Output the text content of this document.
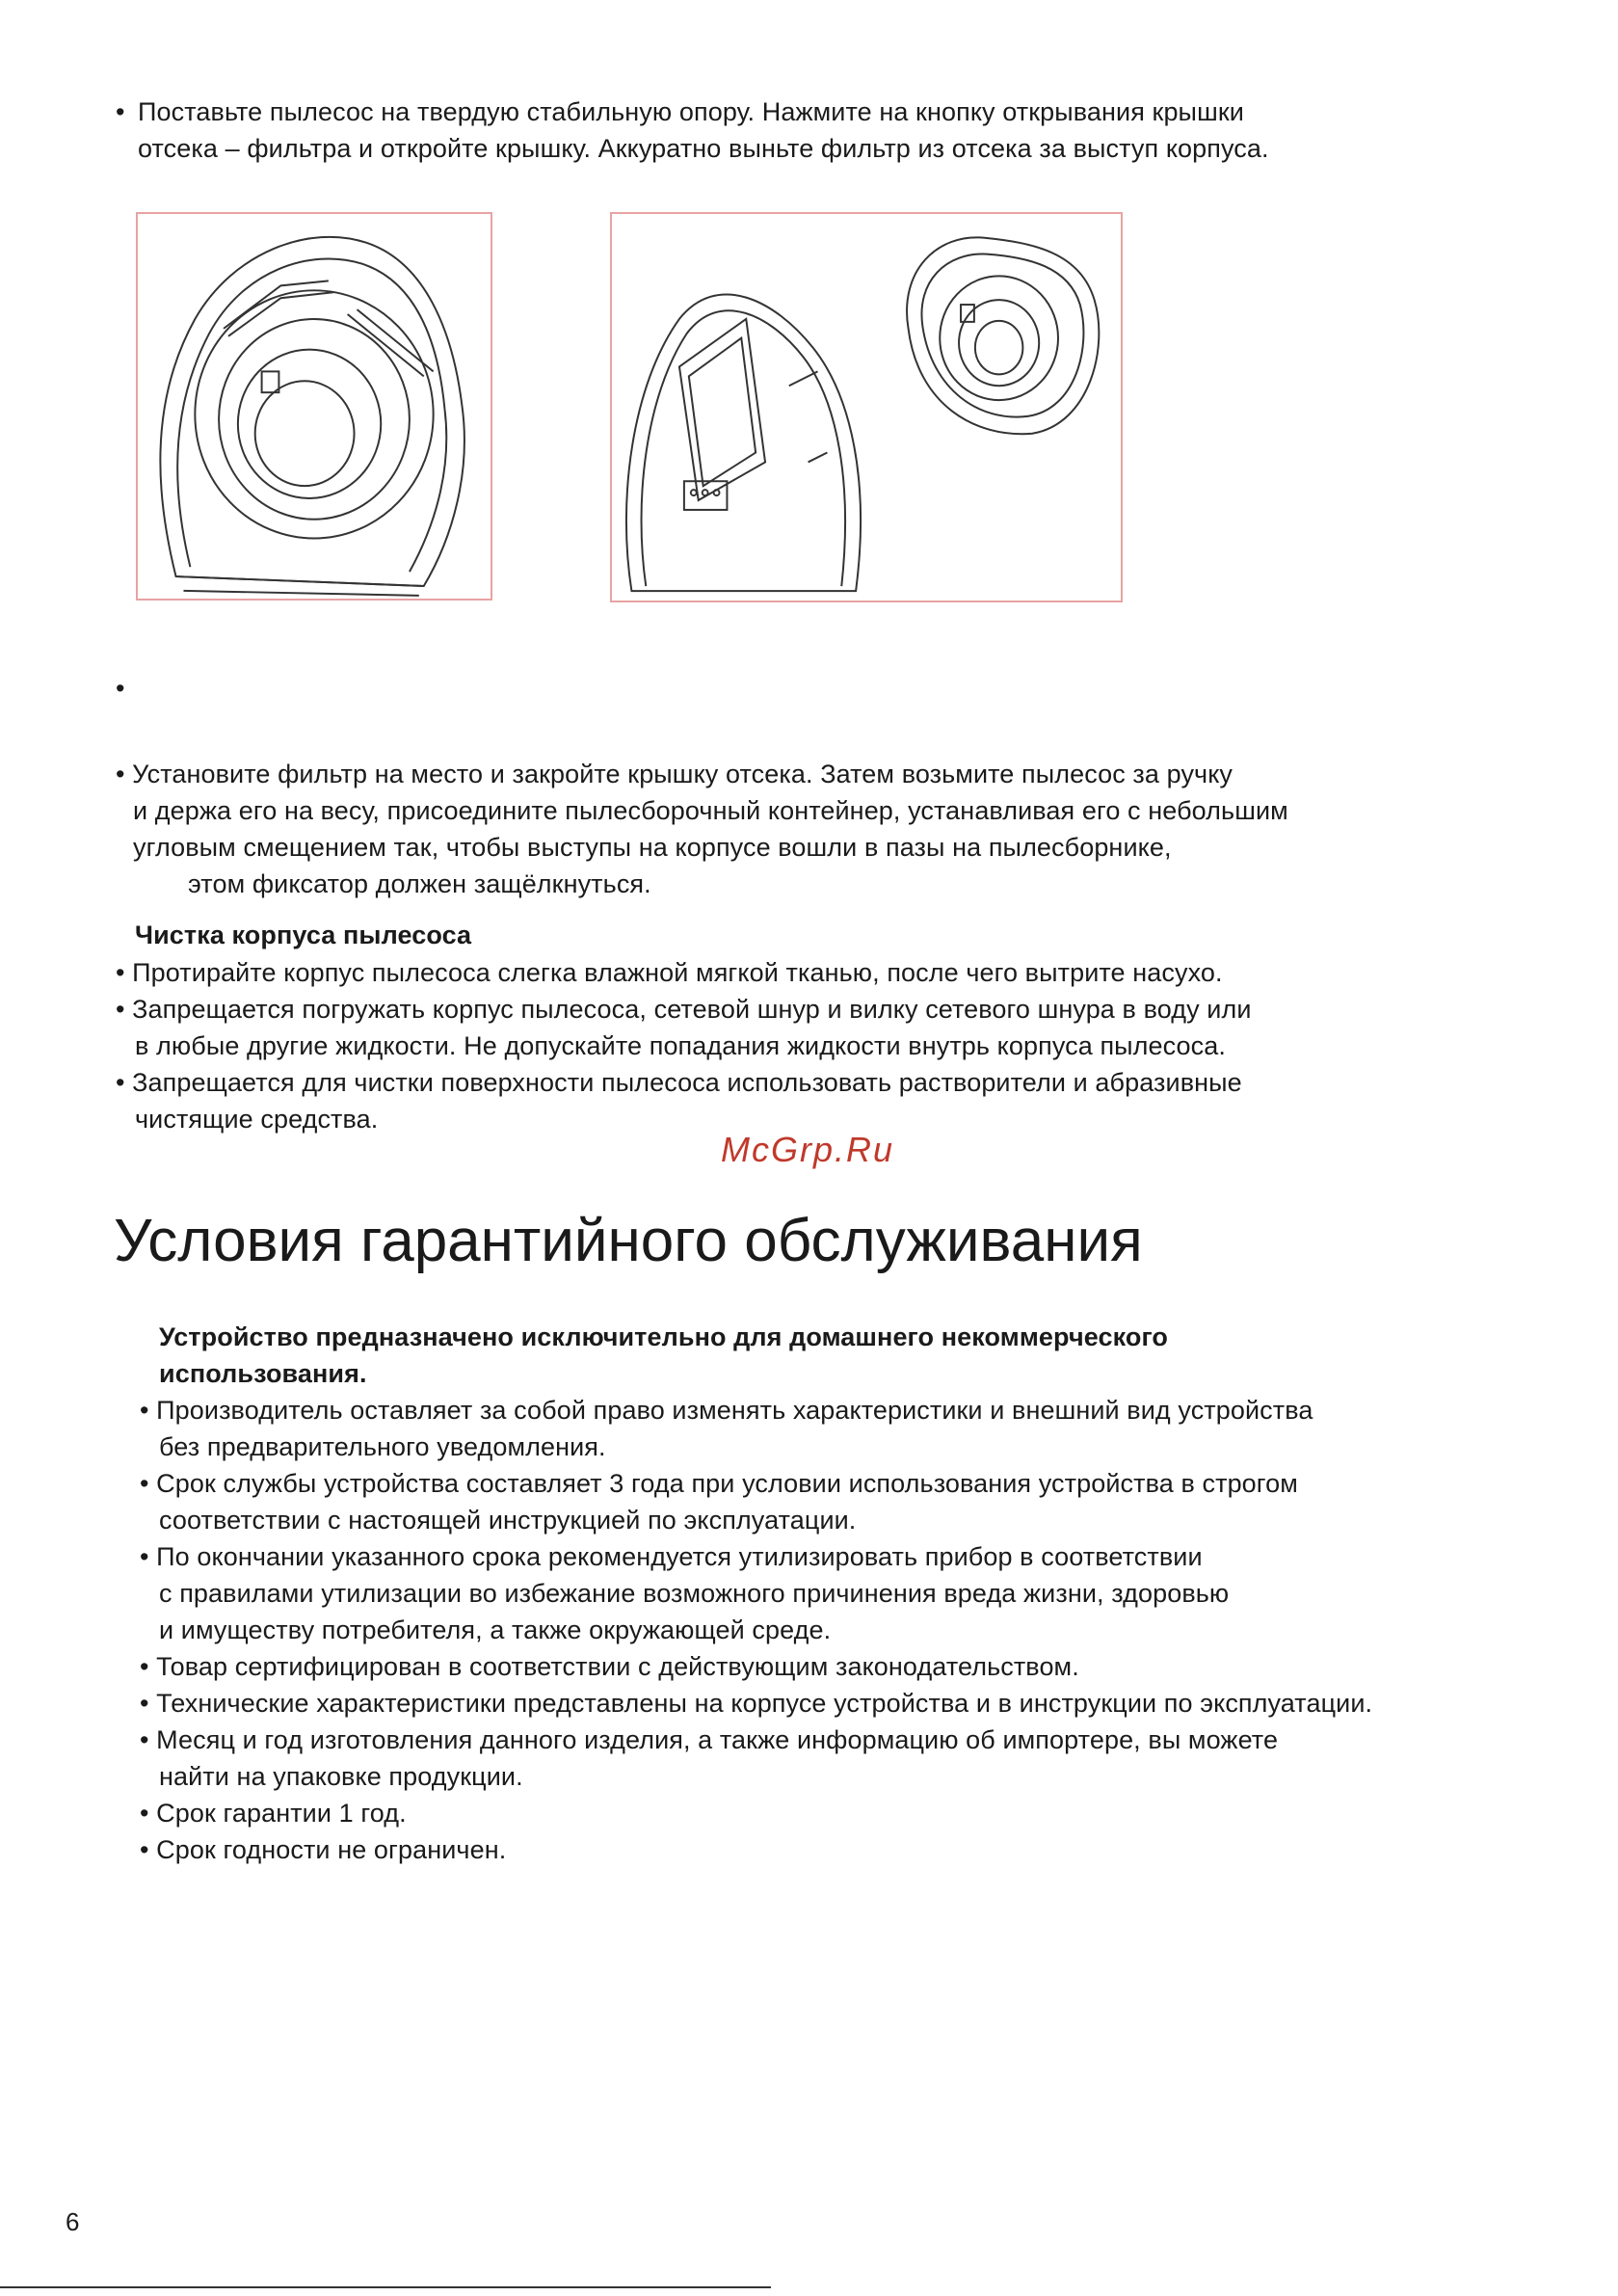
• Поставьте пылесос на твердую стабильную опору. Нажмите на кнопку открывания крышки
отсека – фильтра и откройте крышку. Аккуратно выньте фильтр из отсека за выступ корпуса.
•
• Установите фильтр на место и закройте крышку отсека. Затем возьмите пылесос за ручку
и держа его на весу, присоедините пылесборочный контейнер, устанавливая его с небольшим
угловым смещением так, чтобы выступы на корпусе вошли в пазы на пылесборнике,
этом фиксатор должен защёлкнуться.
Чистка корпуса пылесоса
• Протирайте корпус пылесоса слегка влажной мягкой тканью, после чего вытрите насухо.
• Запрещается погружать корпус пылесоса, сетевой шнур и вилку сетевого шнура в воду или
в любые другие жидкости. Не допускайте попадания жидкости внутрь корпуса пылесоса.
• Запрещается для чистки поверхности пылесоса использовать растворители и абразивные
чистящие средства.
McGrp.Ru
Условия гарантийного обслуживания
Устройство предназначено исключительно для домашнего некоммерческого
использования.
• Производитель оставляет за собой право изменять характеристики и внешний вид устройства
без предварительного уведомления.
• Срок службы устройства составляет 3 года при условии использования устройства в строгом
соответствии с настоящей инструкцией по эксплуатации.
• По окончании указанного срока рекомендуется утилизировать прибор в соответствии
с правилами утилизации во избежание возможного причинения вреда жизни, здоровью
и имуществу потребителя, а также окружающей среде.
• Товар сертифицирован в соответствии с действующим законодательством.
• Технические характеристики представлены на корпусе устройства и в инструкции по эксплуатации.
• Месяц и год изготовления данного изделия, а также информацию об импортере, вы можете
найти на упаковке продукции.
• Срок гарантии 1 год.
• Срок годности не ограничен.
6
